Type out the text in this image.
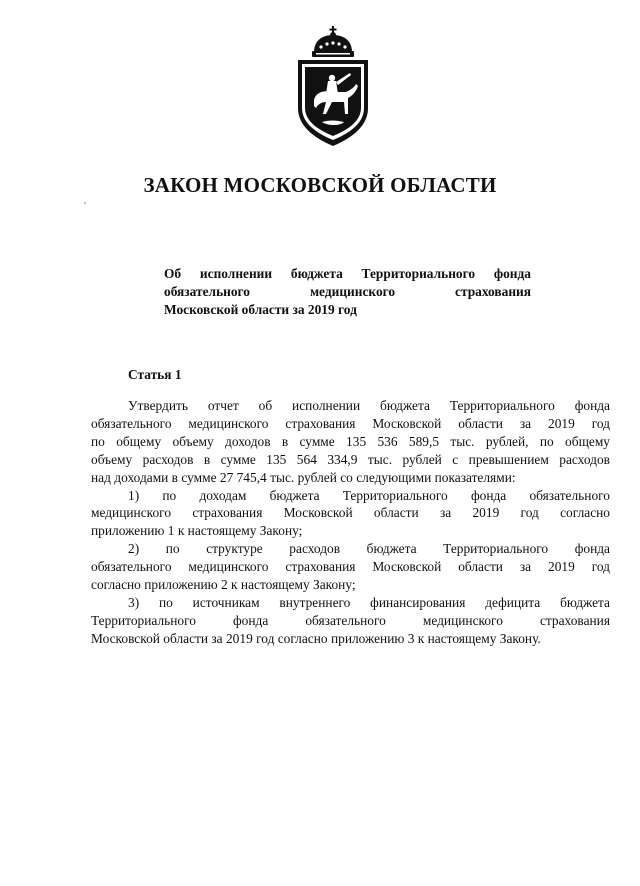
ЗАКОН МОСКОВСКОЙ ОБЛАСТИ
Об исполнении бюджета Территориального фонда
обязательного медицинского страхования
Московской области за 2019 год
Статья 1
Утвердить отчет об исполнении бюджета Территориального фонда
обязательного медицинского страхования Московской области за 2019 год
по общему объему доходов в сумме 135 536 589,5 тыс. рублей, по общему
объему расходов в сумме 135 564 334,9 тыс. рублей с превышением расходов
над доходами в сумме 27 745,4 тыс. рублей со следующими показателями:
1) по доходам бюджета Территориального фонда обязательного
медицинского страхования Московской области за 2019 год согласно
приложению 1 к настоящему Закону;
2) по структуре расходов бюджета Территориального фонда
обязательного медицинского страхования Московской области за 2019 год
согласно приложению 2 к настоящему Закону;
3) по источникам внутреннего финансирования дефицита бюджета
Территориального фонда обязательного медицинского страхования
Московской области за 2019 год согласно приложению 3 к настоящему Закону.
